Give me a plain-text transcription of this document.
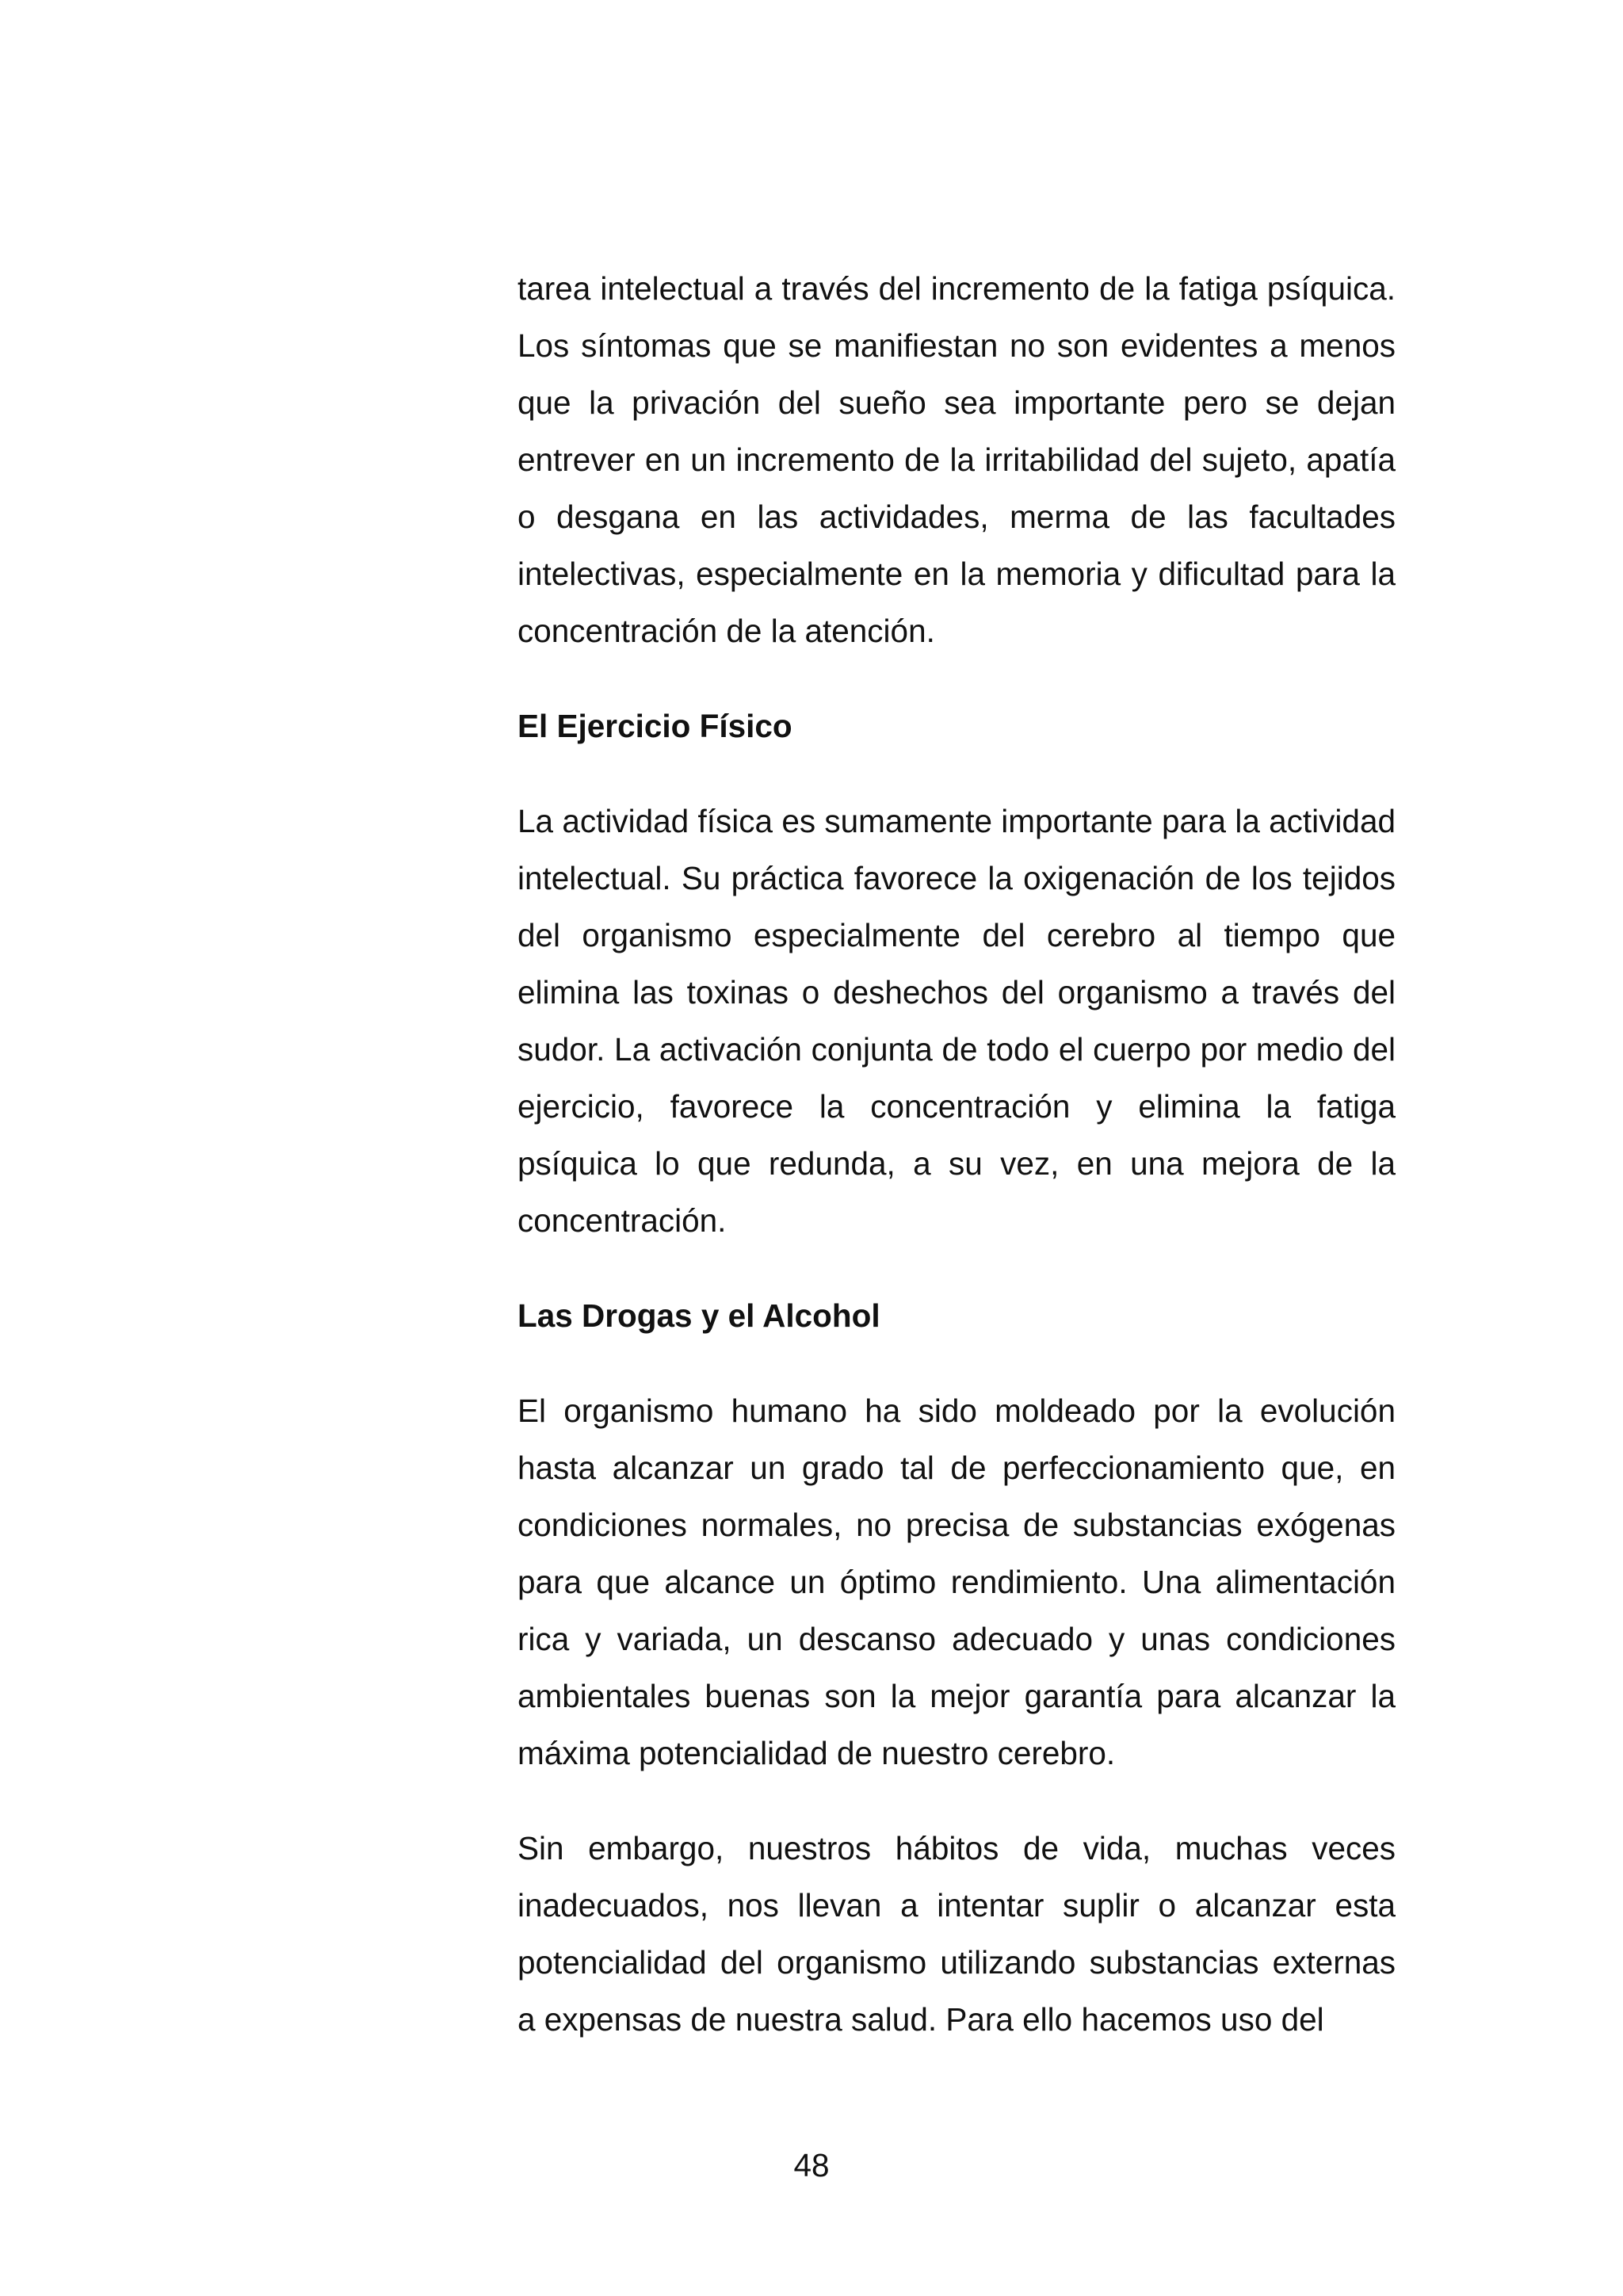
tarea intelectual a través del incremento de la fatiga psíquica. Los síntomas que se manifiestan no son evidentes a menos que la privación del sueño sea importante pero se dejan entrever en un incremento de la irritabilidad del sujeto, apatía o desgana en las actividades, merma de las facultades intelectivas, especialmente en la memoria y dificultad para la concentración de la atención.

El Ejercicio Físico

La actividad física es sumamente importante para la actividad intelectual. Su práctica favorece la oxigenación de los tejidos del organismo especialmente del cerebro al tiempo que elimina las toxinas o deshechos del organismo a través del sudor. La activación conjunta de todo el cuerpo por medio del ejercicio, favorece la concentración y elimina la fatiga psíquica lo que redunda, a su vez, en una mejora de la concentración.

Las Drogas y el Alcohol

El organismo humano ha sido moldeado por la evolución hasta alcanzar un grado tal de perfeccionamiento que, en condiciones normales, no precisa de substancias exógenas para que alcance un óptimo rendimiento. Una alimentación rica y variada, un descanso adecuado y unas condiciones ambientales buenas son la mejor garantía para alcanzar la máxima potencialidad de nuestro cerebro.

Sin embargo, nuestros hábitos de vida, muchas veces inadecuados, nos llevan a intentar suplir o alcanzar esta potencialidad del organismo utilizando substancias externas a expensas de nuestra salud. Para ello hacemos uso del

48
